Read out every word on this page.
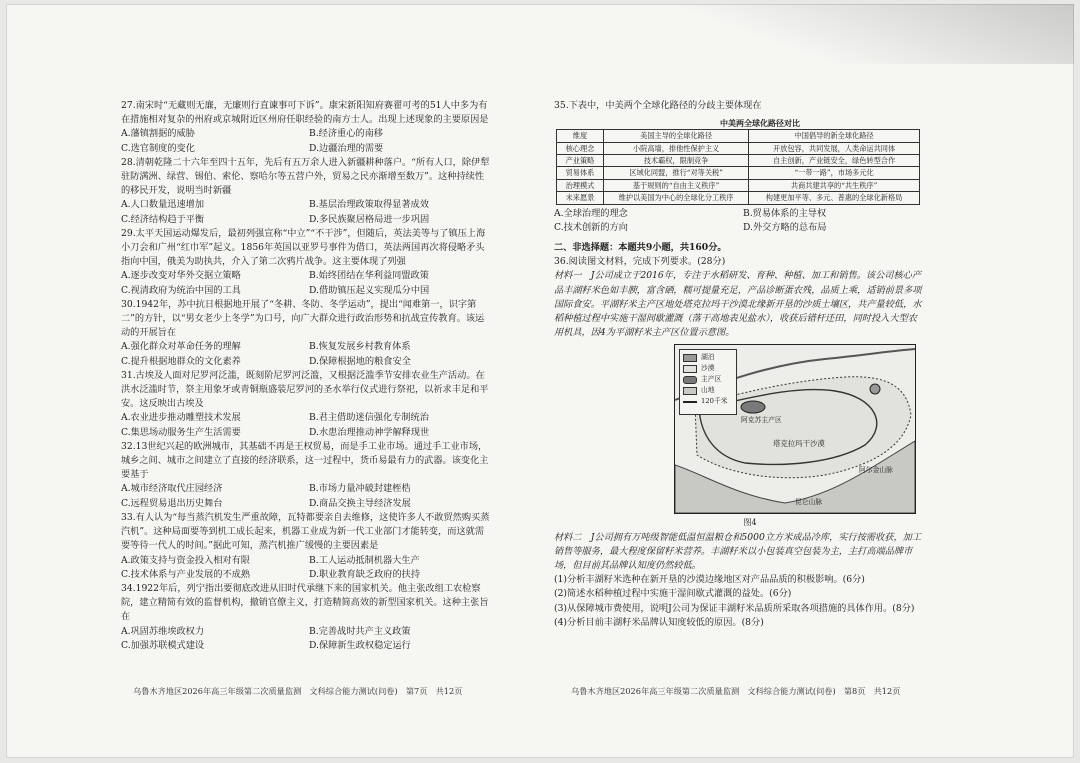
27.南宋时“无藏则无廉，无廉则行直谏事可下诉”。康宋新阳知府赛翟可考的51人中多为有在措施相对复杂的州府或京城附近区州府任职经验的南方士人。出现上述现象的主要原因是

A.藩镇割据的威胁	B.经济重心的南移
C.选官制度的变化	D.边疆治理的需要

28.清朝乾隆二十六年至四十五年，先后有五万余人进入新疆耕种落户。“所有人口，除伊犁驻防满洲、绿营、锡伯、索伦、察哈尔等五营户外，贸易之民亦渐增至数万”。这种持续性的移民开发，说明当时新疆

A.人口数量迅速增加	B.基层治理政策取得显著成效
C.经济结构趋于平衡	D.多民族聚居格局进一步巩固

29.太平天国运动爆发后，最初列强宣称“中立”“不干涉”，但随后，英法美等与了镇压上海小刀会和广州“红巾军”起义。1856年英国以亚罗号事件为借口，英法两国再次将侵略矛头指向中国，俄美为助执共，介入了第二次鸦片战争。这主要体现了列强

A.逐步改变对华外交据立策略	B.始终团结在华利益同盟政策
C.视清政府为统治中国的工具	D.借助镇压起义实现瓜分中国

30.1942年，苏中抗日根据地开展了“冬耕、冬防、冬学运动”，提出“闻难第一，识字第二”的方针，以“男女老少上冬学”为口号，向广大群众进行政治形势和抗战宣传教育。该运动的开展旨在

A.强化群众对革命任务的理解	B.恢复发展乡村教育体系
C.提升根据地群众的文化素养	D.保障根据地的粮食安全

31.古埃及人面对尼罗河泛滥，既刻阶尼罗河泛滥，又根据泛滥季节安排农业生产活动。在洪水泛滥时节，祭主用象牙或青铜瓶盛装尼罗河的圣水举行仪式进行祭祀，以祈求丰足和平安。这反映出古埃及

A.农业进步推动雕塑技术发展	B.君主借助迷信强化专制统治
C.集思场动服务生产生活需要	D.水患治理推动神学解释现世

32.13世纪兴起的欧洲城市，其基础不再是王权贸易，而是手工业市场。通过手工业市场，城乡之间、城市之间建立了直接的经济联系，这一过程中，货币易最有力的武器。该变化主要基于

A.城市经济取代庄园经济	B.市场力量冲破封建桎梏
C.远程贸易退出历史舞台	D.商品交换主导经济发展

33.有人认为“每当蒸汽机发生严重故障，瓦特都要亲自去维修，这使许多人不敢贸然购买蒸汽机”。这种局面要等到机工成长起来，机器工业成为新一代工业部门才能转变，而这就需要等待一代人的时间。”据此可知，蒸汽机推广缓慢的主要因素是

A.政策支持与资金投入相对有限	B.工人运动抵制机器大生产
C.技术体系与产业发展的不成熟	D.职业教育缺乏政府的扶持

34.1922年后，列宁指出要彻底改进从旧时代承继下来的国家机关。他主张改组工农检察院，建立精简有效的监督机构，撤销官僚主义，打造精简高效的新型国家机关。这种主张旨在

A.巩固苏维埃政权力	B.完善战时共产主义政策
C.加强苏联模式建设	D.保障新生政权稳定运行

35.下表中，中美两个全球化路径的分歧主要体现在

中美两全球化路径对比
维度	美国主导的全球化路径	中国倡导的新全球化路径
核心理念	小院高墙，排他性保护主义	开放包容，共同发展，人类命运共同体
产业策略	技术霸权，限制竞争	自主创新，产业链安全，绿色转型合作
贸易体系	区域化同盟，推行“对等关税”	“一带一路”，市场多元化
治理模式	基于规则的“自由主义秩序”	共商共建共享的“共生秩序”
未来愿景	维护以美国为中心的全球化分工秩序	构建更加平等、多元、普惠的全球化新格局
A.全球治理的理念	B.贸易体系的主导权
C.技术创新的方向	D.外交方略的总布局
二、非选择题：本题共9小题，共160分。

36.阅读图文材料，完成下列要求。(28分)

材料一　J公司成立于2016年，专注于水稻研发、育种、种植、加工和销售。该公司核心产品丰湖籽米色如丰腴，富含硒，糯可提量充足，产品诊断蛋农残，品质上乘，适销前景多项国际食安。平湖籽米主产区地处塔克拉玛干沙漠北缘新开垦的沙质土壤区，共产量较低，水稻种植过程中实施干湿间歇灌溉（落干高地表见盐水），收获后错杆还田，同时投入大型农用机具，因4为平湖籽米主产区位置示意图。

湖泊
沙漠
主产区
山地
120千米
阿克苏主产区
塔克拉玛干沙漠
阿尔金山脉
昆仑山脉
图4

材料二　J公司拥有万吨级智能低温恒温粮仓和5000立方米成品冷库，实行按需收获，加工销售等服务，最大程度保留籽米营养。丰湖籽米以小包装真空包装为主，主打高端品牌市场，但目前其品牌认知度仍然较低。

(1)分析丰湖籽米选种在新开垦的沙漠边缘地区对产品品质的积极影响。(6分)

(2)简述水稻种植过程中实施干湿间歇式灌溉的益处。(6分)

(3)从保障城市费使用，说明J公司为保证丰湖籽米品质所采取各项措施的具体作用。(8分)

(4)分析目前丰湖籽米品牌认知度较低的原因。(8分)

乌鲁木齐地区2026年高三年级第二次质量监测　文科综合能力测试(问卷)　第7页　共12页	乌鲁木齐地区2026年高三年级第二次质量监测　文科综合能力测试(问卷)　第8页　共12页
